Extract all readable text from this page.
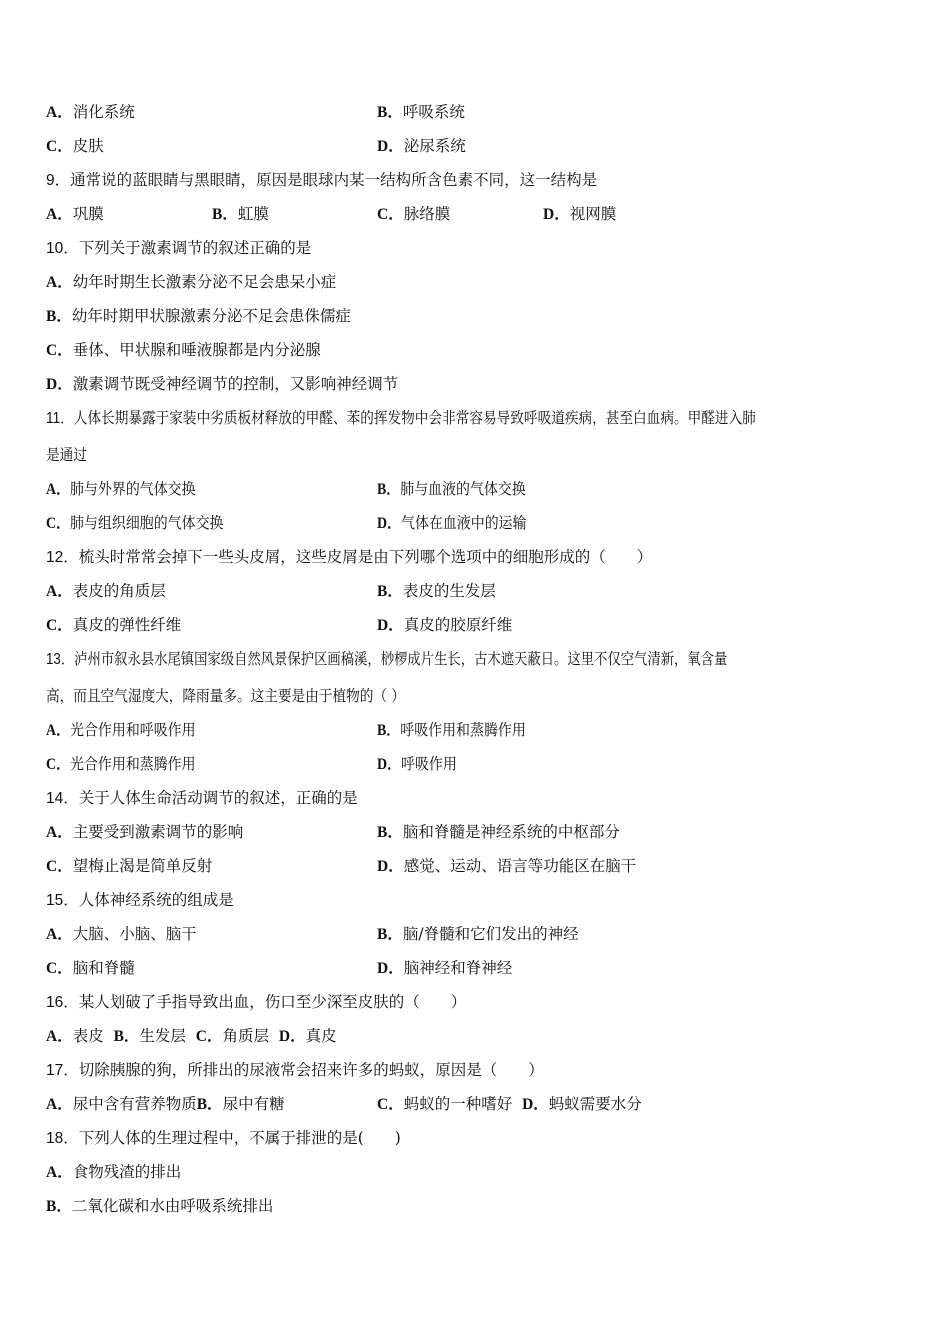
A．消化系统	B．呼吸系统
C．皮肤	D．泌尿系统
9．通常说的蓝眼睛与黑眼睛，原因是眼球内某一结构所含色素不同，这一结构是
A．巩膜	B．虹膜	C．脉络膜	D．视网膜
10．下列关于激素调节的叙述正确的是
A．幼年时期生长激素分泌不足会患呆小症
B．幼年时期甲状腺激素分泌不足会患侏儒症
C．垂体、甲状腺和唾液腺都是内分泌腺
D．激素调节既受神经调节的控制，又影响神经调节
11．人体长期暴露于家装中劣质板材释放的甲醛、苯的挥发物中会非常容易导致呼吸道疾病，甚至白血病。甲醛进入肺
是通过
A．肺与外界的气体交换	B．肺与血液的气体交换
C．肺与组织细胞的气体交换	D．气体在血液中的运输
12．梳头时常常会掉下一些头皮屑，这些皮屑是由下列哪个选项中的细胞形成的（　　）
A．表皮的角质层	B．表皮的生发层
C．真皮的弹性纤维	D．真皮的胶原纤维
13．泸州市叙永县水尾镇国家级自然风景保护区画稿溪，桫椤成片生长，古木遮天蔽日。这里不仅空气清新，氧含量
高，而且空气湿度大，降雨量多。这主要是由于植物的（ ）
A．光合作用和呼吸作用	B．呼吸作用和蒸腾作用
C．光合作用和蒸腾作用	D．呼吸作用
14．关于人体生命活动调节的叙述，正确的是
A．主要受到激素调节的影响	B．脑和脊髓是神经系统的中枢部分
C．望梅止渴是简单反射	D．感觉、运动、语言等功能区在脑干
15．人体神经系统的组成是
A．大脑、小脑、脑干	B．脑/脊髓和它们发出的神经
C．脑和脊髓	D．脑神经和脊神经
16．某人划破了手指导致出血，伤口至少深至皮肤的（　　）
A．表皮 B．生发层 C．角质层 D．真皮
17．切除胰腺的狗，所排出的尿液常会招来许多的蚂蚁，原因是（　　）
A．尿中含有营养物质B．尿中有糖	C．蚂蚁的一种嗜好 D．蚂蚁需要水分
18．下列人体的生理过程中，不属于排泄的是(　　)
A．食物残渣的排出
B．二氧化碳和水由呼吸系统排出
